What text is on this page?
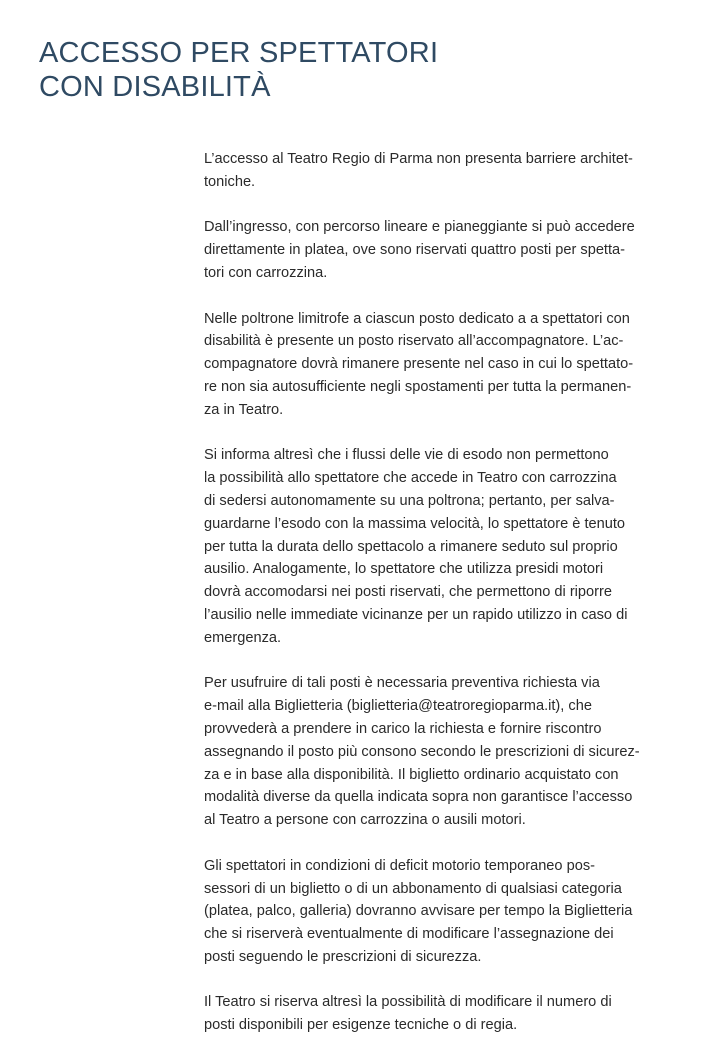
ACCESSO PER SPETTATORI
CON DISABILITÀ

L’accesso al Teatro Regio di Parma non presenta barriere architet-
toniche.

Dall’ingresso, con percorso lineare e pianeggiante si può accedere
direttamente in platea, ove sono riservati quattro posti per spetta-
tori con carrozzina.

Nelle poltrone limitrofe a ciascun posto dedicato a a spettatori con
disabilità è presente un posto riservato all’accompagnatore. L’ac-
compagnatore dovrà rimanere presente nel caso in cui lo spettato-
re non sia autosufficiente negli spostamenti per tutta la permanen-
za in Teatro.

Si informa altresì che i flussi delle vie di esodo non permettono
la possibilità allo spettatore che accede in Teatro con carrozzina
di sedersi autonomamente su una poltrona; pertanto, per salva-
guardarne l’esodo con la massima velocità, lo spettatore è tenuto
per tutta la durata dello spettacolo a rimanere seduto sul proprio
ausilio. Analogamente, lo spettatore che utilizza presidi motori
dovrà accomodarsi nei posti riservati, che permettono di riporre
l’ausilio nelle immediate vicinanze per un rapido utilizzo in caso di
emergenza.

Per usufruire di tali posti è necessaria preventiva richiesta via
e-mail alla Biglietteria (biglietteria@teatroregioparma.it), che
provvederà a prendere in carico la richiesta e fornire riscontro
assegnando il posto più consono secondo le prescrizioni di sicurez-
za e in base alla disponibilità. Il biglietto ordinario acquistato con
modalità diverse da quella indicata sopra non garantisce l’accesso
al Teatro a persone con carrozzina o ausili motori.

Gli spettatori in condizioni di deficit motorio temporaneo pos-
sessori di un biglietto o di un abbonamento di qualsiasi categoria
(platea, palco, galleria) dovranno avvisare per tempo la Biglietteria
che si riserverà eventualmente di modificare l’assegnazione dei
posti seguendo le prescrizioni di sicurezza.

Il Teatro si riserva altresì la possibilità di modificare il numero di
posti disponibili per esigenze tecniche o di regia.
